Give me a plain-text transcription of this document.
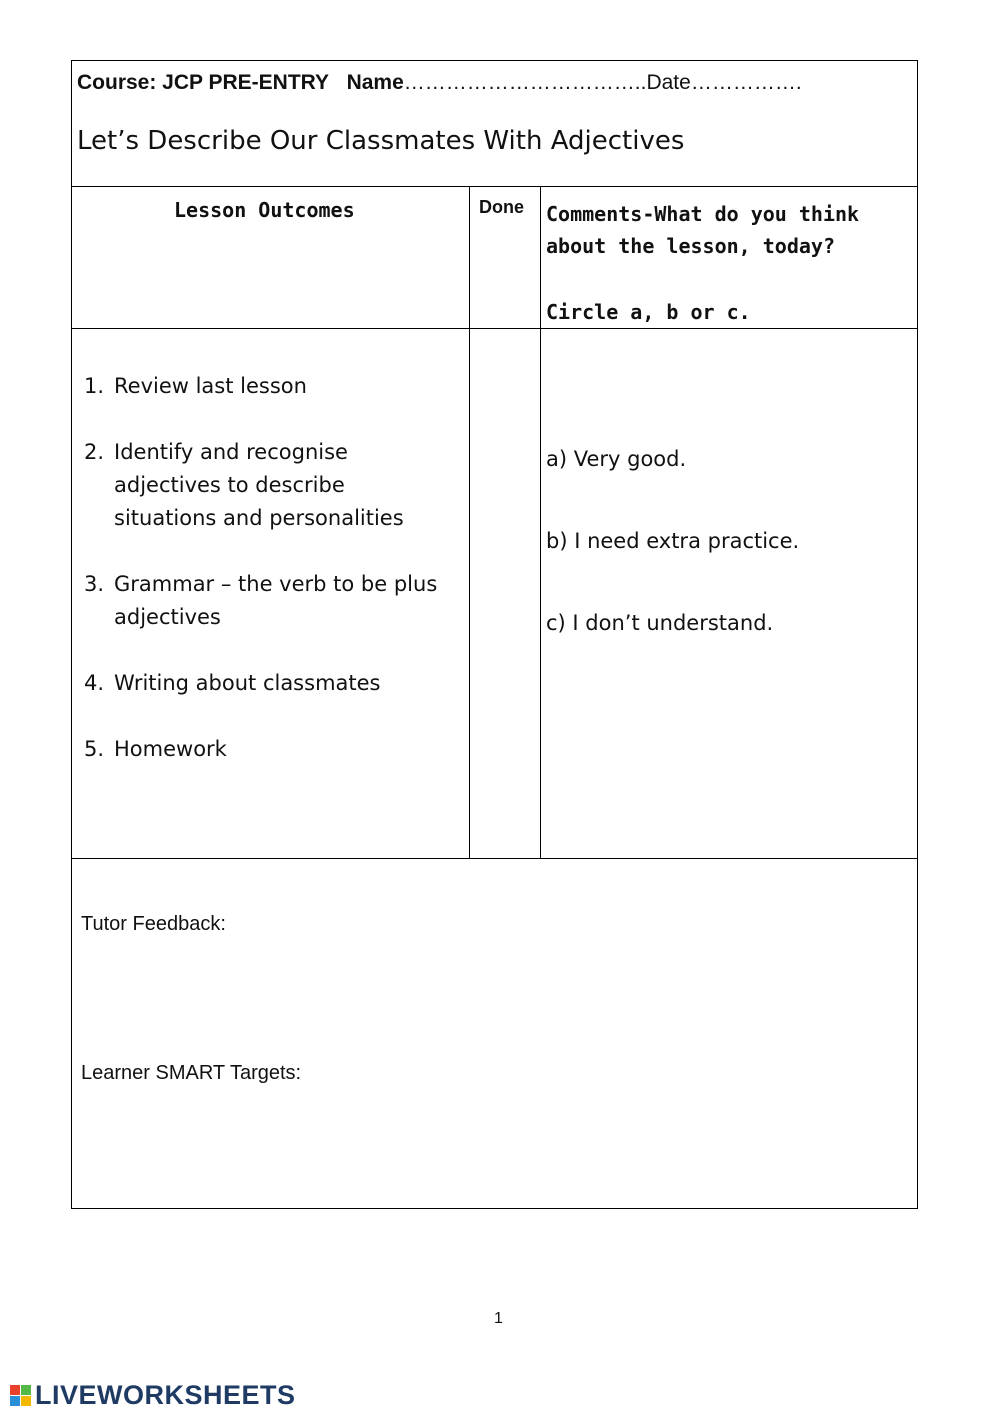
Course: JCP PRE-ENTRY Name……………………………..Date…………….
Let’s Describe Our Classmates With Adjectives
Lesson Outcomes	Done Comments-What do you think
about the lesson, today?
Circle a, b or c.
1. Review last lesson
2. Identify and recognise adjectives to describe situations and personalities
3. Grammar – the verb to be plus adjectives
4. Writing about classmates
5. Homework
a) Very good.
b) I need extra practice.
c) I don’t understand.
Tutor Feedback:
Learner SMART Targets:
1
LIVEWORKSHEETS
